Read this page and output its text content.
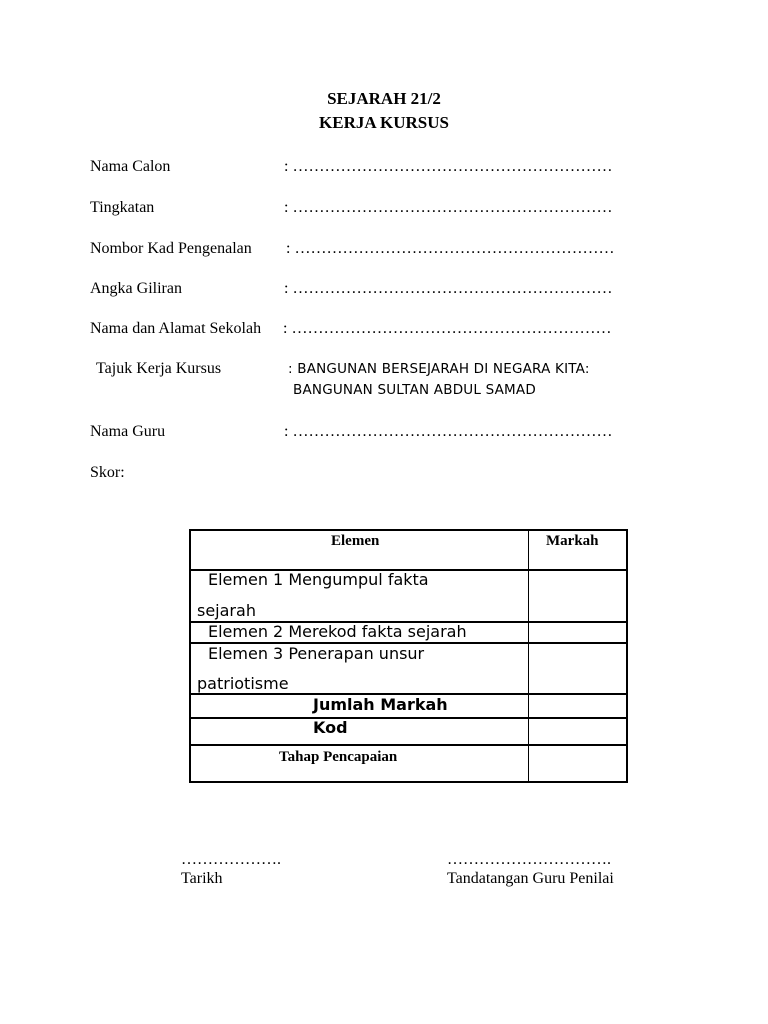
SEJARAH 21/2
KERJA KURSUS
Nama Calon	: ……………………………………………………
Tingkatan	: ……………………………………………………
Nombor Kad Pengenalan : ……………………………………………………
Angka Giliran	: ……………………………………………………
Nama dan Alamat Sekolah : ……………………………………………………
Tajuk Kerja Kursus	: BANGUNAN BERSEJARAH DI NEGARA KITA:
BANGUNAN SULTAN ABDUL SAMAD
Nama Guru	: ……………………………………………………
Skor:
Elemen	Markah
Elemen 1 Mengumpul fakta
sejarah
Elemen 2 Merekod fakta sejarah
Elemen 3 Penerapan unsur
patriotisme
Jumlah Markah
Kod
Tahap Pencapaian
……………….
Tarikh
………………………….
Tandatangan Guru Penilai
